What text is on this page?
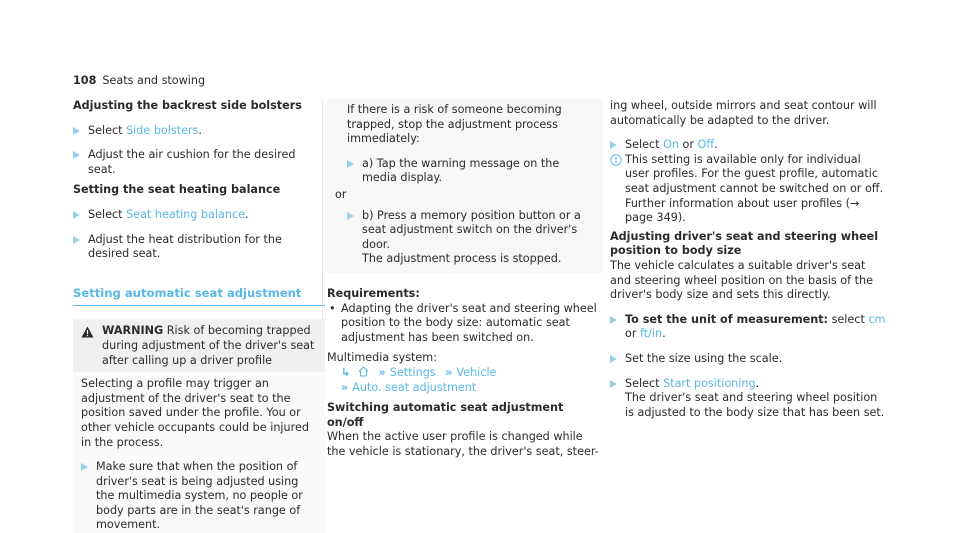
108 Seats and stowing
Adjusting the backrest side bolsters
Select Side bolsters.
Adjust the air cushion for the desired seat.
Setting the seat heating balance
Select Seat heating balance.
Adjust the heat distribution for the desired seat.
Setting automatic seat adjustment
WARNING Risk of becoming trapped during adjustment of the driver's seat after calling up a driver profile
Selecting a profile may trigger an adjustment of the driver's seat to the position saved under the profile. You or other vehicle occupants could be injured in the process.
Make sure that when the position of driver's seat is being adjusted using the multimedia system, no people or body parts are in the seat's range of movement.
If there is a risk of someone becoming trapped, stop the adjustment process immediately:
a) Tap the warning message on the media display.
or
b) Press a memory position button or a seat adjustment switch on the driver's door.
The adjustment process is stopped.
Requirements:
• Adapting the driver's seat and steering wheel position to the body size: automatic seat adjustment has been switched on.
Multimedia system:
↳	» Settings » Vehicle
» Auto. seat adjustment
Switching automatic seat adjustment on/off
When the active user profile is changed while the vehicle is stationary, the driver's seat, steer-
ing wheel, outside mirrors and seat contour will automatically be adapted to the driver.
Select On or Off.
This setting is available only for individual user profiles. For the guest profile, automatic seat adjustment cannot be switched on or off. Further information about user profiles (→ page 349).
Adjusting driver's seat and steering wheel position to body size
The vehicle calculates a suitable driver's seat and steering wheel position on the basis of the driver's body size and sets this directly.
To set the unit of measurement: select cm
or ft/in.
Set the size using the scale.
Select Start positioning.
The driver's seat and steering wheel position is adjusted to the body size that has been set.
